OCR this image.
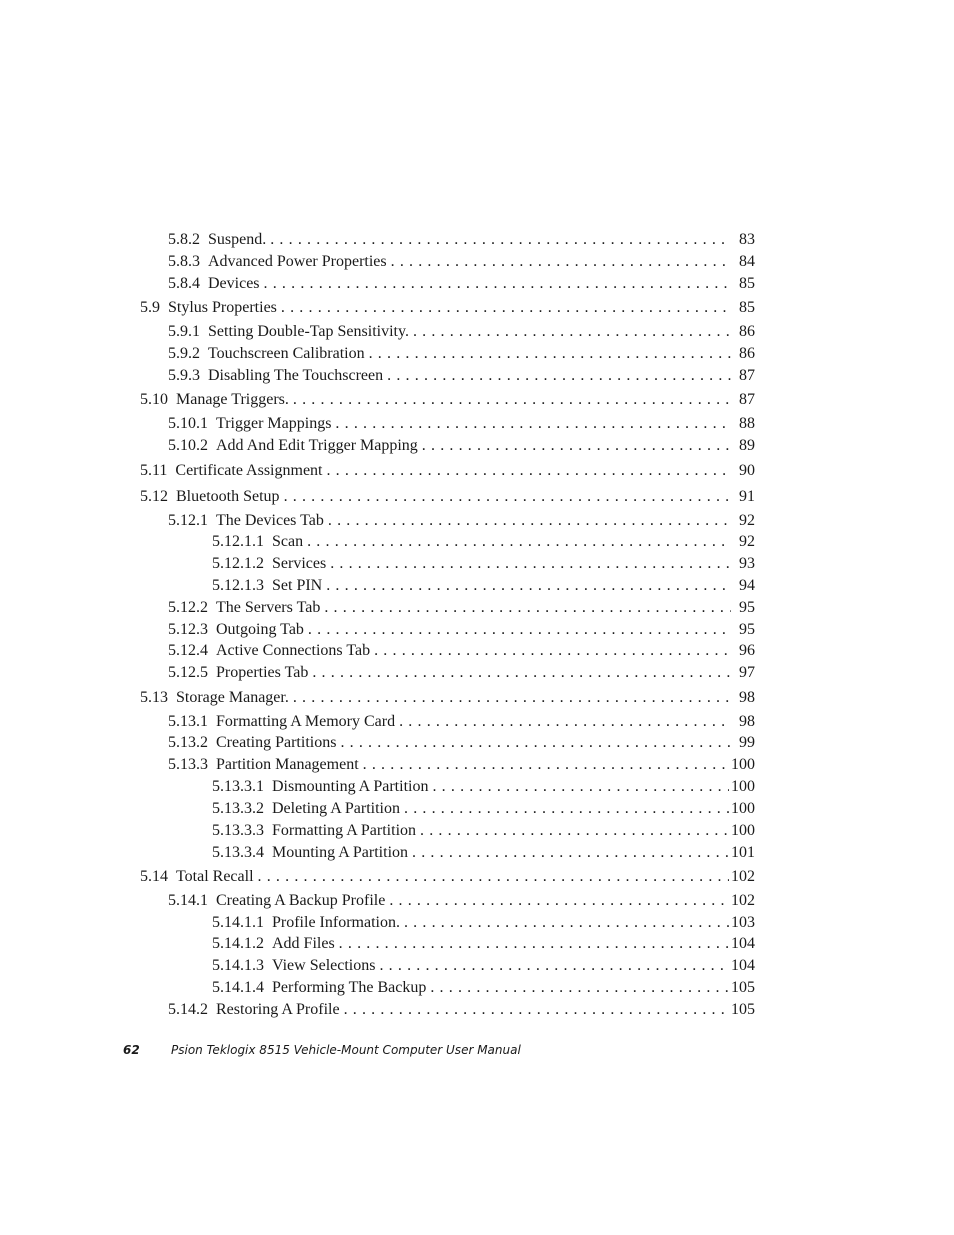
5.8.2 Suspend. . . .	83
5.8.3 Advanced Power Properties . . .	84
5.8.4 Devices . . .	85
5.9 Stylus Properties . . .	85
5.9.1 Setting Double-Tap Sensitivity. . . .	86
5.9.2 Touchscreen Calibration . . .	86
5.9.3 Disabling The Touchscreen . . .	87
5.10 Manage Triggers. . . .	87
5.10.1 Trigger Mappings . . .	88
5.10.2 Add And Edit Trigger Mapping . . .	89
5.11 Certificate Assignment . . .	90
5.12 Bluetooth Setup . . .	91
5.12.1 The Devices Tab . . .	92
5.12.1.1 Scan . . .	92
5.12.1.2 Services . . .	93
5.12.1.3 Set PIN . . .	94
5.12.2 The Servers Tab . . .	95
5.12.3 Outgoing Tab . . .	95
5.12.4 Active Connections Tab . . .	96
5.12.5 Properties Tab . . .	97
5.13 Storage Manager. . . .	98
5.13.1 Formatting A Memory Card . . .	98
5.13.2 Creating Partitions . . .	99
5.13.3 Partition Management . . .	100
5.13.3.1 Dismounting A Partition . . .	100
5.13.3.2 Deleting A Partition . . .	100
5.13.3.3 Formatting A Partition . . .	100
5.13.3.4 Mounting A Partition . . .	101
5.14 Total Recall . . .	102
5.14.1 Creating A Backup Profile . . .	102
5.14.1.1 Profile Information. . . .	103
5.14.1.2 Add Files . . .	104
5.14.1.3 View Selections . . .	104
5.14.1.4 Performing The Backup . . .	105
5.14.2 Restoring A Profile . . .	105
62	Psion Teklogix 8515 Vehicle-Mount Computer User Manual
